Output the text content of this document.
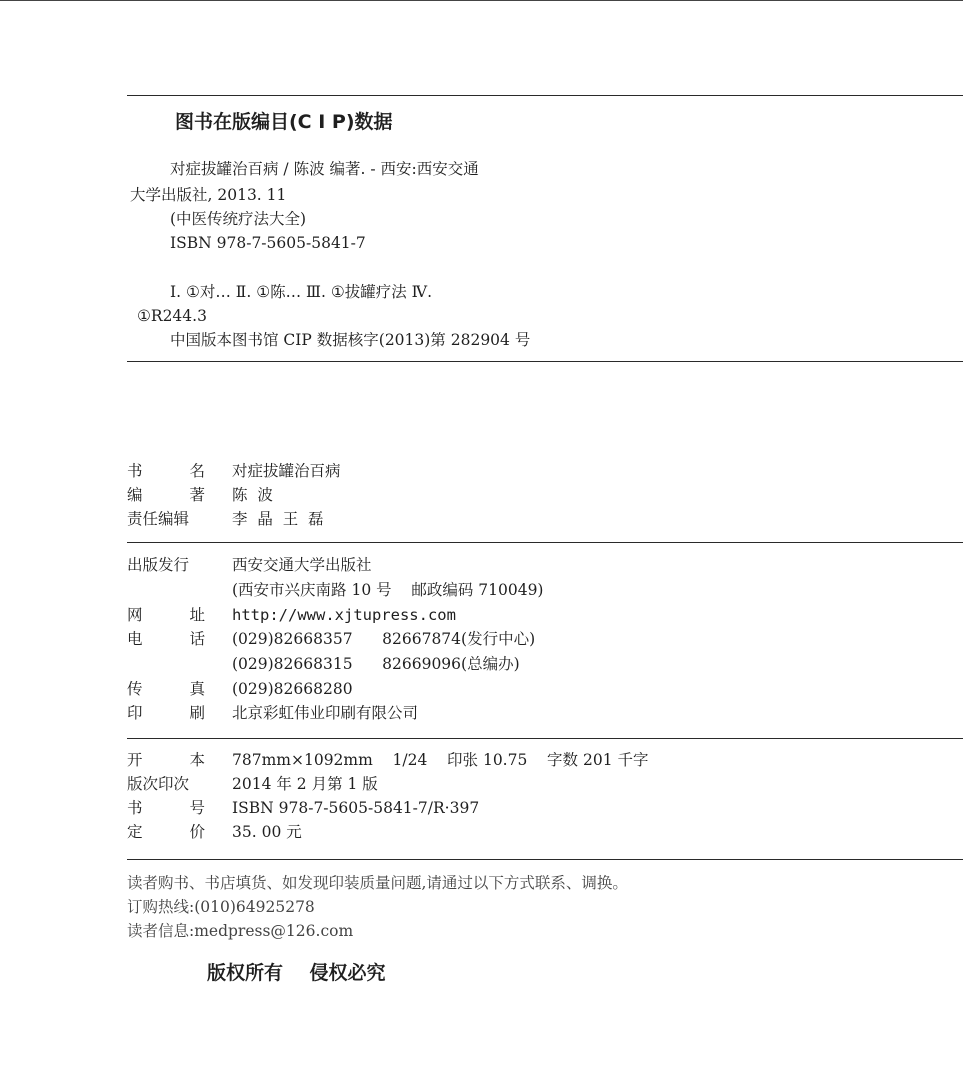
图书在版编目(C I P)数据
对症拔罐治百病 / 陈波 编著. - 西安:西安交通
大学出版社, 2013. 11
(中医传统疗法大全)
ISBN 978-7-5605-5841-7
Ⅰ. ①对… Ⅱ. ①陈… Ⅲ. ①拔罐疗法 Ⅳ.
①R244.3
中国版本图书馆 CIP 数据核字(2013)第 282904 号
书	名 对症拔罐治百病
编	著 陈  波
责任编辑	李  晶  王  磊
出版发行	西安交通大学出版社
(西安市兴庆南路 10 号    邮政编码 710049)
网	址 http://www.xjtupress.com
电	话 (029)82668357      82667874(发行中心)
(029)82668315      82669096(总编办)
传	真 (029)82668280
印	刷 北京彩虹伟业印刷有限公司
开	本 787mm×1092mm    1/24    印张 10.75    字数 201 千字
版次印次	2014 年 2 月第 1 版
书	号 ISBN 978-7-5605-5841-7/R·397
定	价 35. 00 元
读者购书、书店填货、如发现印装质量问题,请通过以下方式联系、调换。
订购热线:(010)64925278
读者信息:medpress@126.com
版权所有    侵权必究
